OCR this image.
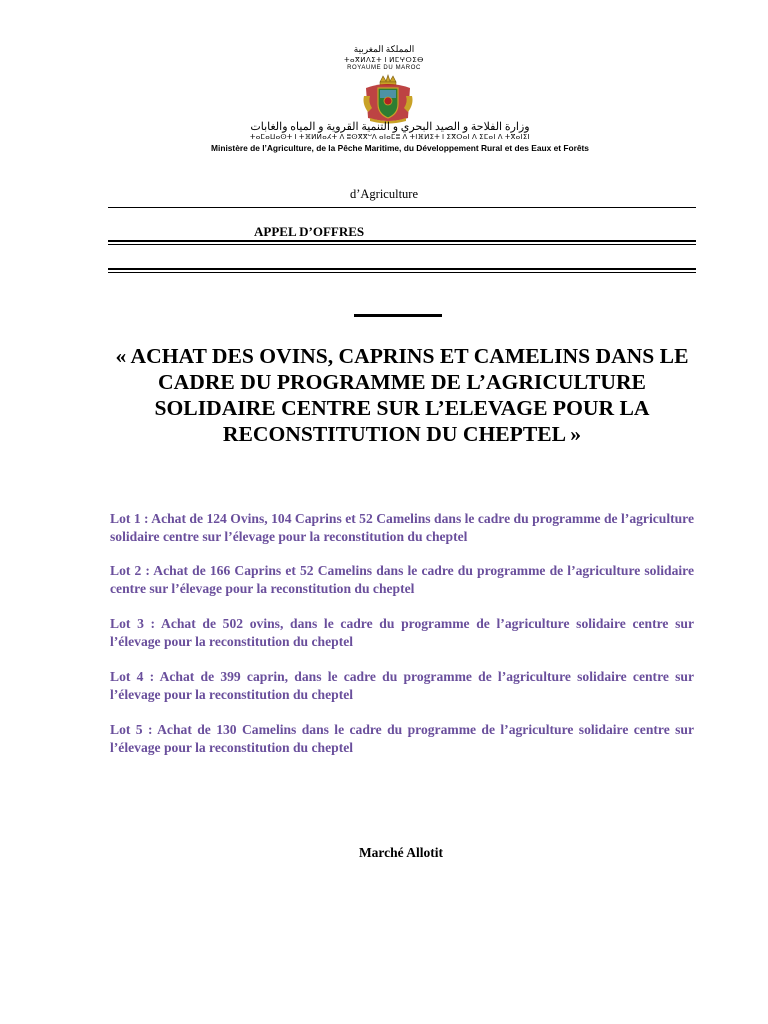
المملكة المغربية
ⵜⴰⴳⵍⴷⵉⵜ ⵏ ⵍⵎⵖⵔⵉⴱ
ROYAUME DU MAROC
وزارة الفلاحة و الصيد البحري و التنمية القروية و المياه والغابات
ⵜⴰⵎⴰⵡⴰⵙⵜ ⵏ ⵜⴼⵍⵍⴰⵃⵜ ⴷ ⵓⵙⴳⴳⵯⴷ ⴰⵏⴰⵎⵓ ⴷ ⵜⵏⴼⵍⵉⵜ ⵏ ⵉⴳⵔⴰⵏ ⴷ ⵉⵎⴰⵏ ⴷ ⵜⴳⴰⵏⵉⵏ
Ministère de l’Agriculture, de la Pêche Maritime, du Développement Rural et des Eaux et Forêts
d’Agriculture
APPEL D’OFFRES
« ACHAT DES OVINS, CAPRINS ET CAMELINS DANS LE CADRE DU PROGRAMME DE L’AGRICULTURE SOLIDAIRE CENTRE SUR L’ELEVAGE POUR LA RECONSTITUTION DU CHEPTEL »
Lot 1 : Achat de 124 Ovins, 104 Caprins et 52 Camelins dans le cadre du programme de l’agriculture solidaire centre sur l’élevage pour la reconstitution du cheptel
Lot 2 : Achat de 166 Caprins et 52 Camelins dans le cadre du programme de l’agriculture solidaire centre sur l’élevage pour la reconstitution du cheptel
Lot 3 : Achat de 502 ovins, dans le cadre du programme de l’agriculture solidaire centre sur l’élevage pour la reconstitution du cheptel
Lot 4 : Achat de 399 caprin, dans le cadre du programme de l’agriculture solidaire centre sur l’élevage pour la reconstitution du cheptel
Lot 5 : Achat de 130 Camelins dans le cadre du programme de l’agriculture solidaire centre sur l’élevage pour la reconstitution du cheptel
Marché Allotit
